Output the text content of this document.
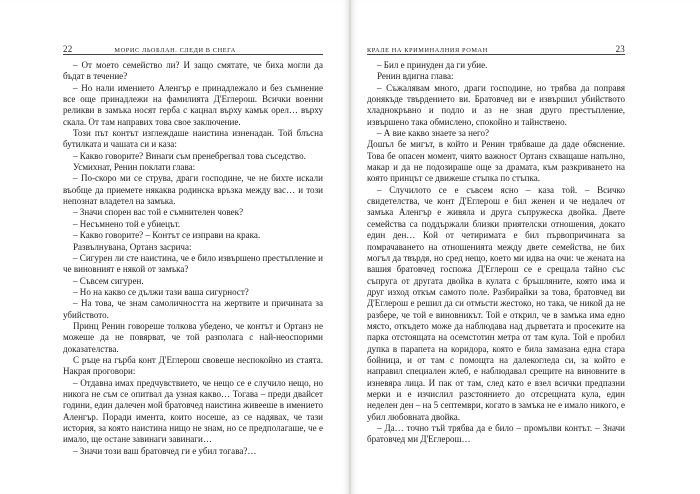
22	МОРИС ЛЬОБЛАН. СЛЕДИ В СНЕГА

– От моето семейство ли? И защо смятате, че биха могли да бъдат в течение?

– Но нали имението Аленгър е принадлежало и без съмнение все още принадлежи на фамилията Д'Еглерош. Всички военни реликви в замъка носят герба с кацнал върху камък орел… върху скала. От там направих това свое заключение.

Този път контът изглеждаше наистина изненадан. Той блъсна бутилката и чашата си и каза:

– Какво говорите? Винаги съм пренебрегвал това съседство.

Усмихнат, Ренин поклати глава:

– По-скоро ми се струва, драги господине, че не бихте искали въобще да приемете някаква родинска връзка между вас… и този непознат владетел на замъка.

– Значи спорен вас той е съмнителен човек?

– Несъмнено той е убиецът.

– Какво говорите? – Контът се изправи на крака.

Развълнувана, Ортанз засрича:

– Сигурен ли сте наистина, че е било извършено престъпление и че виновният е някой от замъка?

– Съвсем сигурен.

– Но на какво се дължи тази ваша сигурност?

– На това, че знам самоличността на жертвите и причината за убийството.

Принц Ренин говореше толкова убедено, че контът и Ортанз не можеше да не повярват, че той разполага с най-неоспорими доказателства.

С ръце на гърба конт Д'Еглерош свовеше неспокойно из стаята. Накрая проговори:

– Отдавна имах предчувствието, че нещо се е случило нещо, но никога не съм се опитвал да узная какво… Тогава – преди двайсет години, един далечен мой братовчед наистина живееше в имението Аленгър. Поради имента, които носеше, аз се надявах, че тази история, за която наистина нищо не знам, но се предполагаше, че е имало, ще остане завинаги завинаги…

– Значи този ваш братовчед ги е убил тогава?…

КРАЛЕ НА КРИМИНАЛНИЯ РОМАН	23

– Бил е принуден да ги убие.

Ренин вдигна глава:

– Съжалявам много, драги господине, но трябва да поправя донякъде твърдението ви. Братовчед ви е извършил убийството хладнокръвно и подло и аз не зная друго престъпление, извършено така обмислено, спокойно и тайнствено.

– А вие какво знаете за него?

Дошъл бе мигът, в който и Ренин трябваше да даде обяснение. Това бе опасен момент, чиято важност Ортанз схващаше напълно, макар и да не подозираше още за драмата, към разкриването на която принцът се движеше стъпка по стъпка.

– Случилото се е съвсем ясно – каза той. – Всичко свидетелства, че конт Д'Еглерош е бил женен и че недалеч от замъка Аленгър е живяла и друга съпружеска двойка. Двете семейства са поддържали близки приятелски отношения, докато един ден… Кой от четиримата е бил първопричината за помрачаването на отношенията между двете семейства, не бих могъл да твърдя, но сред нещо, което ми идва на очи: че жената на вашия братовчед госпожа Д'Еглерош се е срещала тайно със съпруга от другата двойка в кулата с бръшляните, която има и друг изход откъм самото поле. Разбирайки за това, братовчед ви Д'Еглерош е решил да си отмъсти жестоко, но така, че никой да не разбере, че той е виновникът. Той е открил, че в замъка има едно място, откъдето може да наблюдава над дърветата и просеките на парка отстоящата на осемстотин метра от там кула. Той е пробил дупка в парапета на коридора, която е била замазана една стара бойница, и от там с помощта на далекогледа си, за който е направил специален жлеб, е наблюдавал срещите на виновните в изневяра лица. И пак от там, след като е взел всички предпазни мерки и е изчислил разстоянието до отсрещната кула, един неделен ден – на 5 септември, когато в замъка не е имало никого, е убил любовната двойка.

– Да… точно тъй трябва да е било – промълви контът. – Значи братовчед ми Д'Еглерош…
